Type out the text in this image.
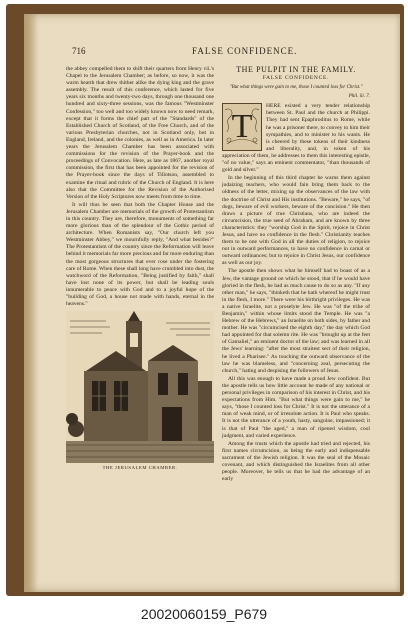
716	FALSE CONFIDENCE.

the abbey compelled them to shift their quarters from Henry vii.'s Chapel to the Jerusalem Chamber; as before, so now, it was the warm hearth that drew thither alike the dying king and the grave assembly. The result of this conference, which lasted for five years six months and twenty-two days, through one thousand one hundred and sixty-three sessions, was the famous "Westminster Confession," too well and too widely known now to need remark, except that it forms the chief part of the "Standards" of the Established Church of Scotland, of the Free Church, and of the various Presbyterian churches, not in Scotland only, but in England, Ireland, and the colonies, as well as in America. In later years the Jerusalem Chamber has been associated with commissions for the revision of the Prayer-book and the proceedings of Convocation. Here, as late as 1867, another royal commission, the first that has been appointed for the revision of the Prayer-book since the days of Tillotson, assembled to examine the ritual and rubric of the Church of England. It is here also that the Committee for the Revision of the Authorised Version of the Holy Scriptures now meets from time to time.

It will thus be seen that both the Chapter House and the Jerusalem Chamber are memorials of the growth of Protestantism in this country. They are, therefore, monuments of something far more glorious than of the splendour of the Gothic period of architecture. When Romanists say, "Our church left you Westminster Abbey," we mournfully reply, "And what besides?" The Protestantism of the country since the Reformation will leave behind it memorials far more precious and far more enduring than the most gorgeous structures that ever rose under the fostering care of Rome. When these shall long have crumbled into dust, the watchword of the Reformation, "Being justified by faith," shall have lost none of its power, but shall be leading souls innumerable to peace with God and to a joyful hope of the "building of God, a house not made with hands, eternal in the heavens."

THE JERUSALEM CHAMBER.
THE PULPIT IN THE FAMILY.
FALSE CONFIDENCE.
"But what things were gain to me, those I counted loss for Christ."
Phil. iii. 7.
T

HERE existed a very tender relationship between St. Paul and the church at Philippi. They had sent Epaphroditus to Rome, while he was a prisoner there, to convey to him their sympathies, and to minister to his wants. He is cheered by these tokens of their kindness and liberality, and, in token of his appreciation of them, he addresses to them this interesting epistle, "of no value," says an eminent commentator, "than thousands of gold and silver."

In the beginning of this third chapter he warns them against judaizing teachers, who would fain bring them back to the oldness of the letter, mixing up the observances of the law with the doctrine of Christ and His institutions. "Beware," he says, "of dogs, beware of evil workers, beware of the concision." He then draws a picture of true Christians, who are indeed the circumcision, the true seed of Abraham, and are known by three characteristics: they "worship God in the Spirit, rejoice in Christ Jesus, and have no confidence in the flesh." Christianity teaches them to be one with God in all the duties of religion, to rejoice not in outward performances, to have no confidence in carnal or outward ordinances; but to rejoice in Christ Jesus, our confidence as well as our joy.

The apostle then shows what he himself had to boast of as a Jew, the vantage ground on which he stood, that if he would have gloried in the flesh, he had as much cause to do so as any. "If any other man," he says, "thinketh that he hath whereof he might trust in the flesh, I more." There were his birthright privileges. He was a native Israelite, not a proselyte Jew. He was "of the tribe of Benjamin," within whose limits stood the Temple. He was "a Hebrew of the Hebrews," an Israelite on both sides, by father and mother. He was "circumcised the eighth day," the day which God had appointed for that solemn rite. He was "brought up at the feet of Gamaliel," an eminent doctor of the law; and was learned in all the Jews' learning: "after the most straitest sect of their religion, he lived a Pharisee." As touching the outward observance of the law he was blameless, and "concerning zeal, persecuting the church," hating and despising the followers of Jesus.

All this was enough to have made a proud Jew confident. But the apostle tells us how little account he made of any national or personal privileges in comparison of his interest in Christ, and his expectations from Him. "But what things were gain to me," he says, "those I counted loss for Christ." It is not the utterance of a man of weak mind, or of irresolute action. It is Paul who speaks. It is not the utterance of a youth, hasty, sanguine, impassioned; it is that of Paul "the aged," a man of ripened wisdom, cool judgment, and varied experience.

Among the trusts which the apostle had tried and rejected, his first names circumcision, as being the early and indispensable sacrament of the Jewish religion. It was the seal of the Mosaic covenant, and which distinguished the Israelites from all other people. Moreover, he tells us that he had the advantage of an early

20020060159_P679
